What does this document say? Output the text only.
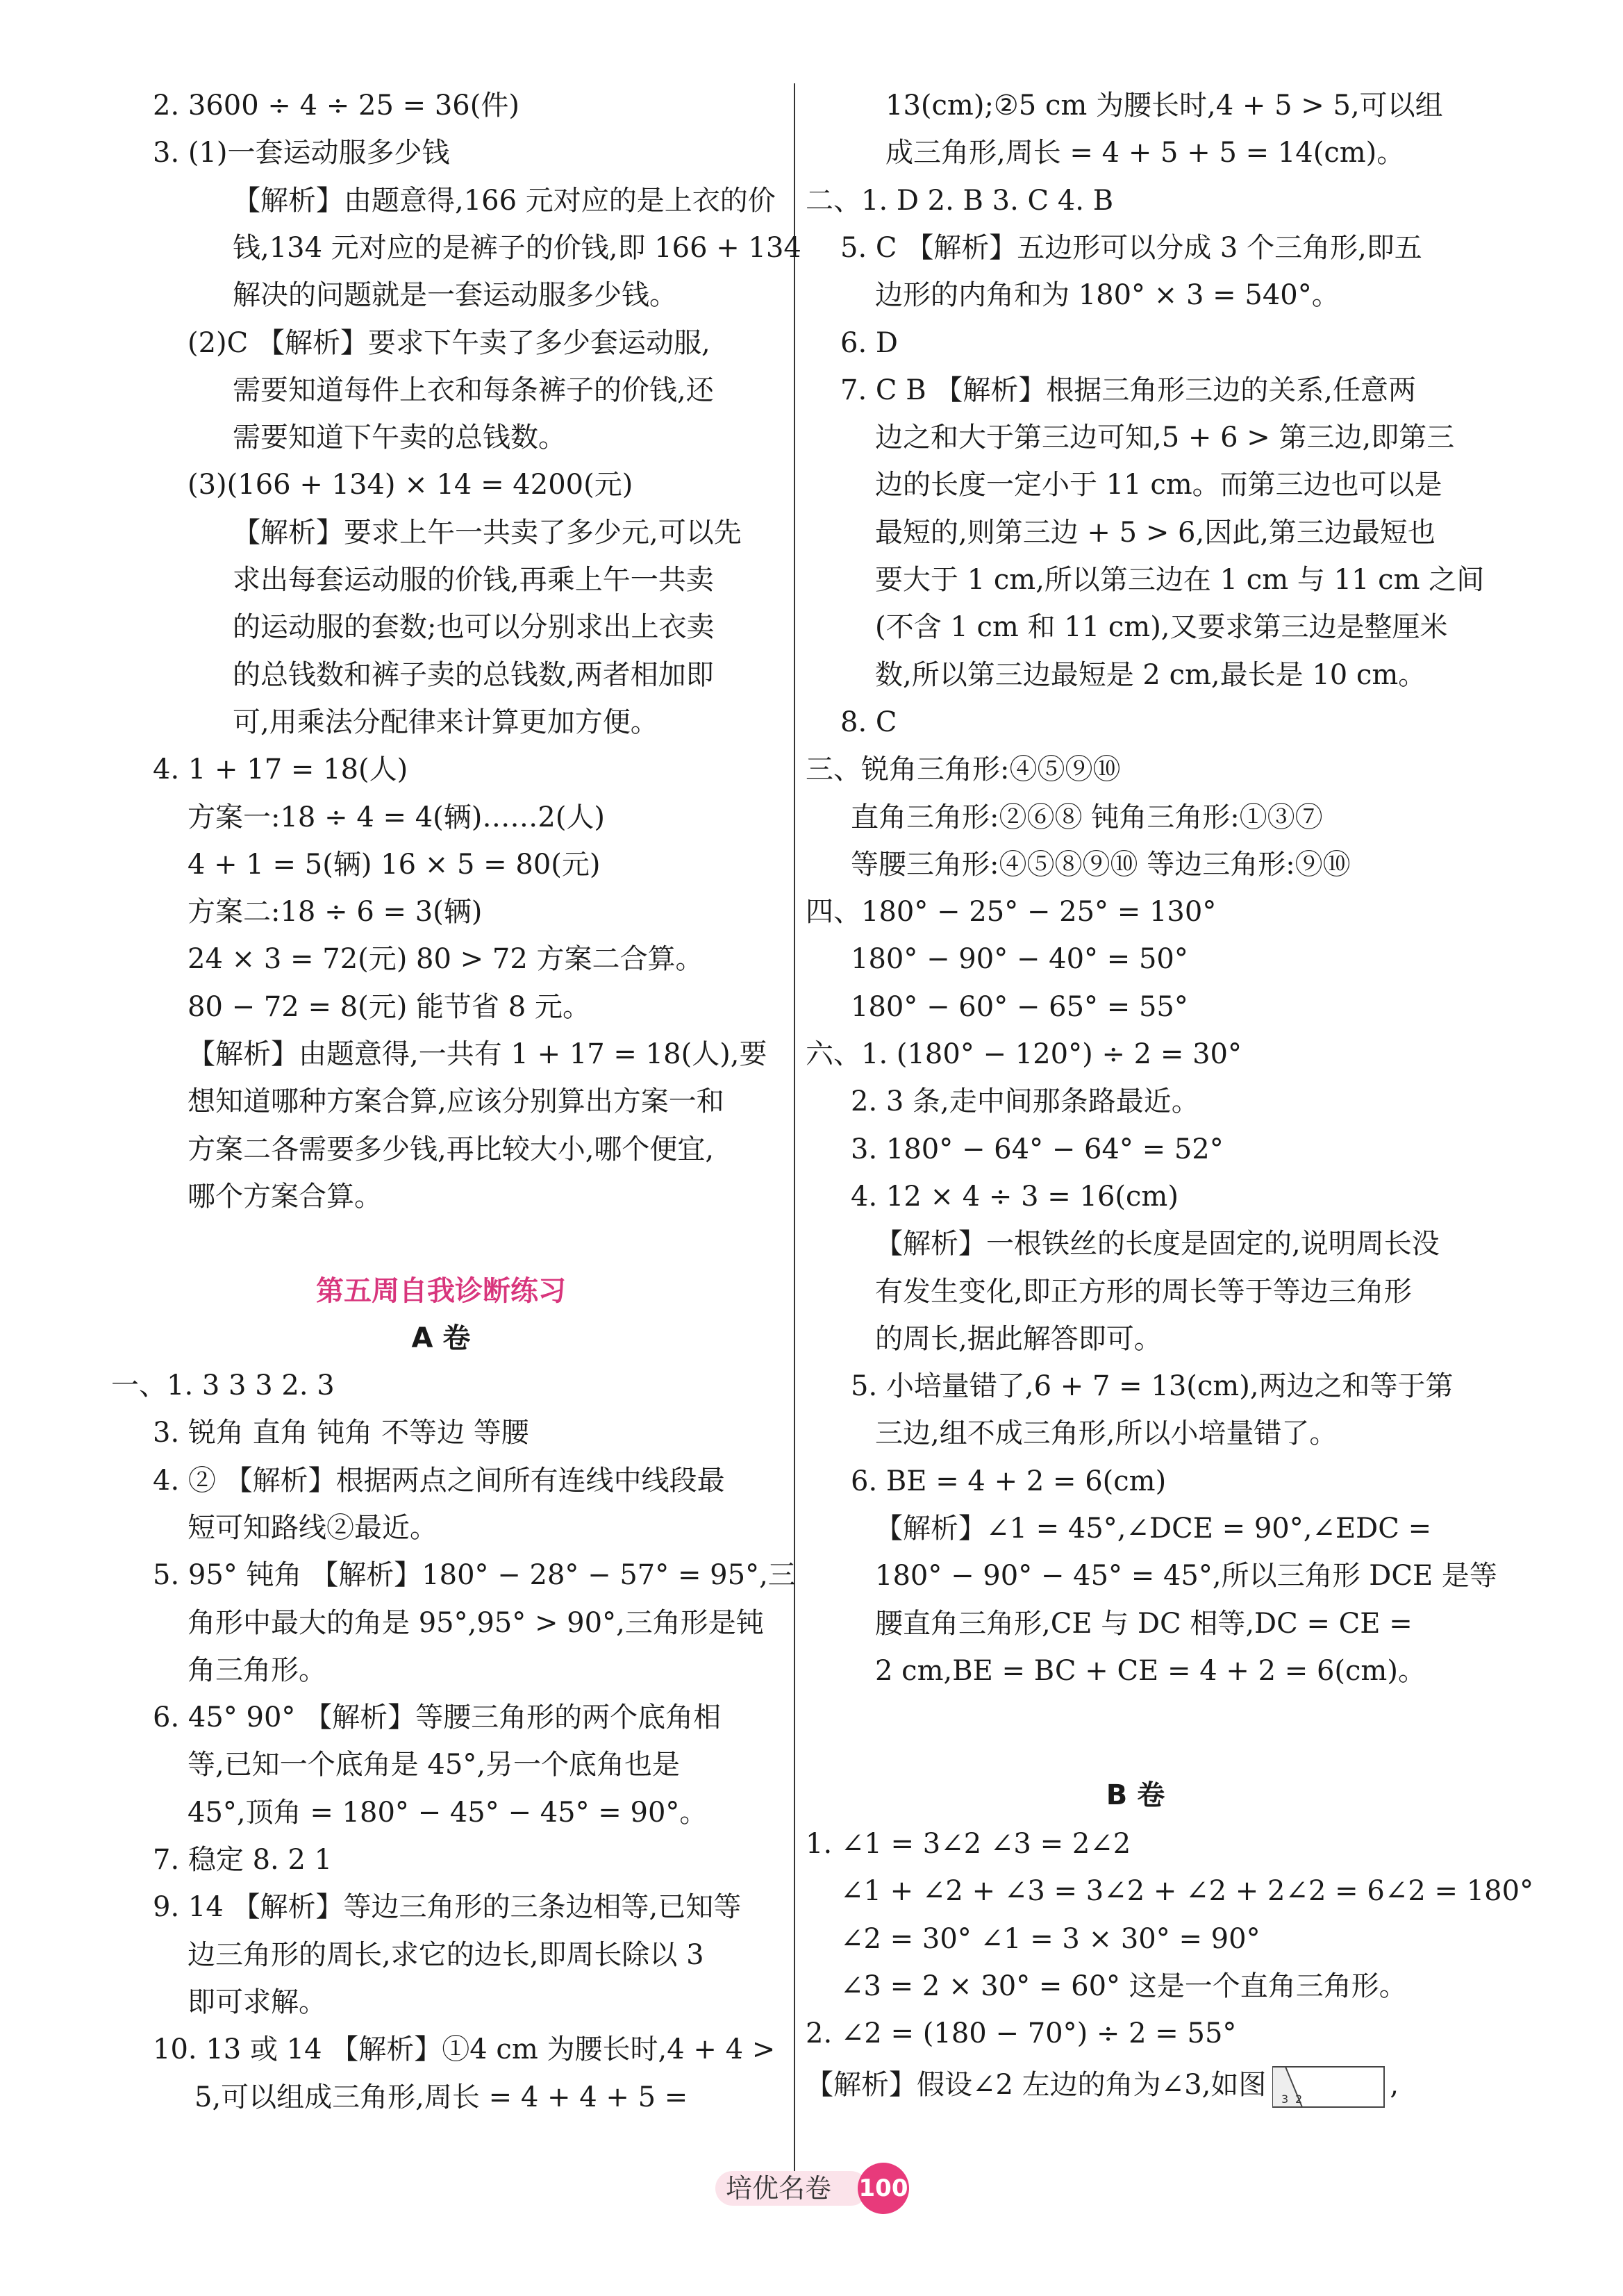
培优名卷	100
2. 3600 ÷ 4 ÷ 25 = 36(件)
3. (1)一套运动服多少钱
【解析】由题意得,166 元对应的是上衣的价
钱,134 元对应的是裤子的价钱,即 166 + 134
解决的问题就是一套运动服多少钱。
(2)C 【解析】要求下午卖了多少套运动服,
需要知道每件上衣和每条裤子的价钱,还
需要知道下午卖的总钱数。
(3)(166 + 134) × 14 = 4200(元)
【解析】要求上午一共卖了多少元,可以先
求出每套运动服的价钱,再乘上午一共卖
的运动服的套数;也可以分别求出上衣卖
的总钱数和裤子卖的总钱数,两者相加即
可,用乘法分配律来计算更加方便。
4. 1 + 17 = 18(人)
方案一:18 ÷ 4 = 4(辆)……2(人)
4 + 1 = 5(辆) 16 × 5 = 80(元)
方案二:18 ÷ 6 = 3(辆)
24 × 3 = 72(元) 80 > 72 方案二合算。
80 − 72 = 8(元) 能节省 8 元。
【解析】由题意得,一共有 1 + 17 = 18(人),要
想知道哪种方案合算,应该分别算出方案一和
方案二各需要多少钱,再比较大小,哪个便宜,
哪个方案合算。
第五周自我诊断练习
A 卷
一、1. 3 3 3 2. 3
3. 锐角 直角 钝角 不等边 等腰
4. ② 【解析】根据两点之间所有连线中线段最
短可知路线②最近。
5. 95° 钝角 【解析】180° − 28° − 57° = 95°,三
角形中最大的角是 95°,95° > 90°,三角形是钝
角三角形。
6. 45° 90° 【解析】等腰三角形的两个底角相
等,已知一个底角是 45°,另一个底角也是
45°,顶角 = 180° − 45° − 45° = 90°。
7. 稳定 8. 2 1
9. 14 【解析】等边三角形的三条边相等,已知等
边三角形的周长,求它的边长,即周长除以 3
即可求解。
10. 13 或 14 【解析】①4 cm 为腰长时,4 + 4 >
5,可以组成三角形,周长 = 4 + 4 + 5 =
13(cm);②5 cm 为腰长时,4 + 5 > 5,可以组
成三角形,周长 = 4 + 5 + 5 = 14(cm)。
二、1. D 2. B 3. C 4. B
5. C 【解析】五边形可以分成 3 个三角形,即五
边形的内角和为 180° × 3 = 540°。
6. D
7. C B 【解析】根据三角形三边的关系,任意两
边之和大于第三边可知,5 + 6 > 第三边,即第三
边的长度一定小于 11 cm。而第三边也可以是
最短的,则第三边 + 5 > 6,因此,第三边最短也
要大于 1 cm,所以第三边在 1 cm 与 11 cm 之间
(不含 1 cm 和 11 cm),又要求第三边是整厘米
数,所以第三边最短是 2 cm,最长是 10 cm。
8. C
三、锐角三角形:④⑤⑨⑩
直角三角形:②⑥⑧ 钝角三角形:①③⑦
等腰三角形:④⑤⑧⑨⑩ 等边三角形:⑨⑩
四、180° − 25° − 25° = 130°
180° − 90° − 40° = 50°
180° − 60° − 65° = 55°
六、1. (180° − 120°) ÷ 2 = 30°
2. 3 条,走中间那条路最近。
3. 180° − 64° − 64° = 52°
4. 12 × 4 ÷ 3 = 16(cm)
【解析】一根铁丝的长度是固定的,说明周长没
有发生变化,即正方形的周长等于等边三角形
的周长,据此解答即可。
5. 小培量错了,6 + 7 = 13(cm),两边之和等于第
三边,组不成三角形,所以小培量错了。
6. BE = 4 + 2 = 6(cm)
【解析】∠1 = 45°,∠DCE = 90°,∠EDC =
180° − 90° − 45° = 45°,所以三角形 DCE 是等
腰直角三角形,CE 与 DC 相等,DC = CE =
2 cm,BE = BC + CE = 4 + 2 = 6(cm)。
B 卷
1. ∠1 = 3∠2 ∠3 = 2∠2
∠1 + ∠2 + ∠3 = 3∠2 + ∠2 + 2∠2 = 6∠2 = 180°
∠2 = 30° ∠1 = 3 × 30° = 90°
∠3 = 2 × 30° = 60° 这是一个直角三角形。
2. ∠2 = (180 − 70°) ÷ 2 = 55°
【解析】假设∠2 左边的角为∠3,如图 3 2	,
